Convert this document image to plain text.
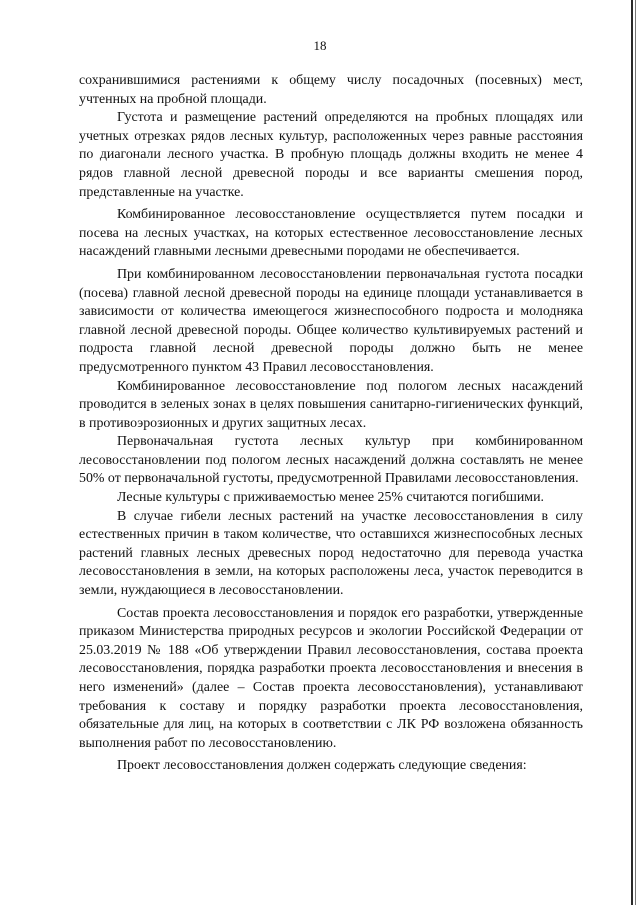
18

сохранившимися растениями к общему числу посадочных (посевных) мест, учтенных на пробной площади.

Густота и размещение растений определяются на пробных площадях или учетных отрезках рядов лесных культур, расположенных через равные расстояния по диагонали лесного участка. В пробную площадь должны входить не менее 4 рядов главной лесной древесной породы и все варианты смешения пород, представленные на участке.

Комбинированное лесовосстановление осуществляется путем посадки и посева на лесных участках, на которых естественное лесовосстановление лесных насаждений главными лесными древесными породами не обеспечивается.

При комбинированном лесовосстановлении первоначальная густота посадки (посева) главной лесной древесной породы на единице площади устанавливается в зависимости от количества имеющегося жизнеспособного подроста и молодняка главной лесной древесной породы. Общее количество культивируемых растений и подроста главной лесной древесной породы должно быть не менее предусмотренного пунктом 43 Правил лесовосстановления.

Комбинированное лесовосстановление под пологом лесных насаждений проводится в зеленых зонах в целях повышения санитарно-гигиенических функций, в противоэрозионных и других защитных лесах.

Первоначальная густота лесных культур при комбинированном лесовосстановлении под пологом лесных насаждений должна составлять не менее 50% от первоначальной густоты, предусмотренной Правилами лесовосстановления.

Лесные культуры с приживаемостью менее 25% считаются погибшими.

В случае гибели лесных растений на участке лесовосстановления в силу естественных причин в таком количестве, что оставшихся жизнеспособных лесных растений главных лесных древесных пород недостаточно для перевода участка лесовосстановления в земли, на которых расположены леса, участок переводится в земли, нуждающиеся в лесовосстановлении.

Состав проекта лесовосстановления и порядок его разработки, утвержденные приказом Министерства природных ресурсов и экологии Российской Федерации от 25.03.2019 № 188 «Об утверждении Правил лесовосстановления, состава проекта лесовосстановления, порядка разработки проекта лесовосстановления и внесения в него изменений» (далее – Состав проекта лесовосстановления), устанавливают требования к составу и порядку разработки проекта лесовосстановления, обязательные для лиц, на которых в соответствии с ЛК РФ возложена обязанность выполнения работ по лесовосстановлению.

Проект лесовосстановления должен содержать следующие сведения:
